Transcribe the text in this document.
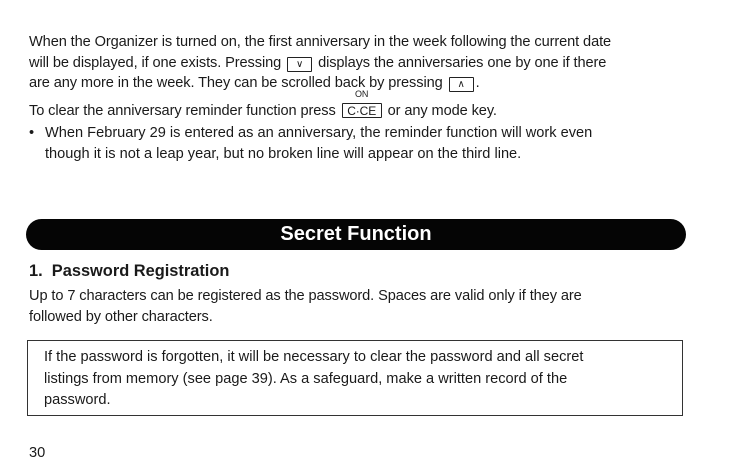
When the Organizer is turned on, the first anniversary in the week following the current date
will be displayed, if one exists. Pressing ∨ displays the anniversaries one by one if there
are any more in the week. They can be scrolled back by pressing ∧ .
To clear the anniversary reminder function press
ON
C·CE or any mode key.
• When February 29 is entered as an anniversary, the reminder function will work even
though it is not a leap year, but no broken line will appear on the third line.
Secret Function
1.  Password Registration
Up to 7 characters can be registered as the password. Spaces are valid only if they are
followed by other characters.
If the password is forgotten, it will be necessary to clear the password and all secret
listings from memory (see page 39). As a safeguard, make a written record of the
password.
30
